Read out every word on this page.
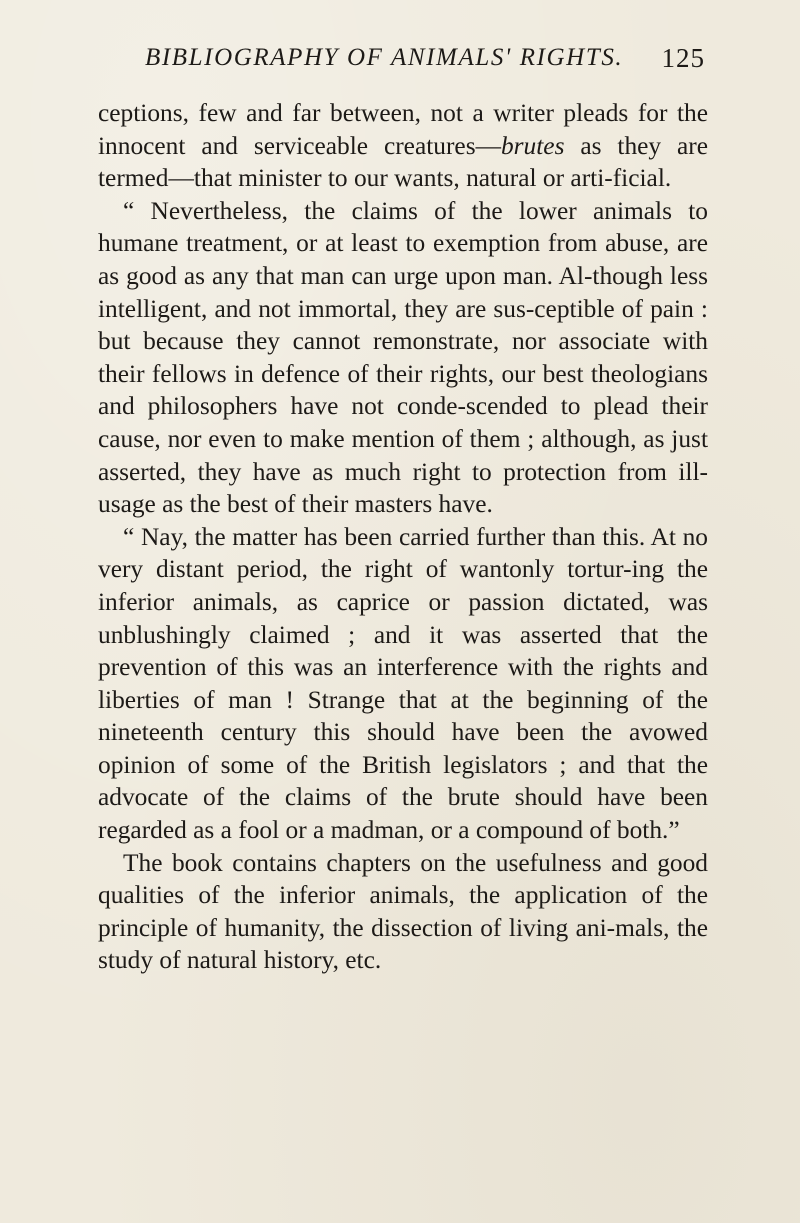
BIBLIOGRAPHY OF ANIMALS' RIGHTS. 125

ceptions, few and far between, not a writer pleads for the innocent and serviceable creatures—brutes as they are termed—that minister to our wants, natural or arti-ficial.

“ Nevertheless, the claims of the lower animals to humane treatment, or at least to exemption from abuse, are as good as any that man can urge upon man. Al-though less intelligent, and not immortal, they are sus-ceptible of pain : but because they cannot remonstrate, nor associate with their fellows in defence of their rights, our best theologians and philosophers have not conde-scended to plead their cause, nor even to make mention of them ; although, as just asserted, they have as much right to protection from ill-usage as the best of their masters have.

“ Nay, the matter has been carried further than this. At no very distant period, the right of wantonly tortur-ing the inferior animals, as caprice or passion dictated, was unblushingly claimed ; and it was asserted that the prevention of this was an interference with the rights and liberties of man ! Strange that at the beginning of the nineteenth century this should have been the avowed opinion of some of the British legislators ; and that the advocate of the claims of the brute should have been regarded as a fool or a madman, or a compound of both.”

The book contains chapters on the usefulness and good qualities of the inferior animals, the application of the principle of humanity, the dissection of living ani-mals, the study of natural history, etc.
